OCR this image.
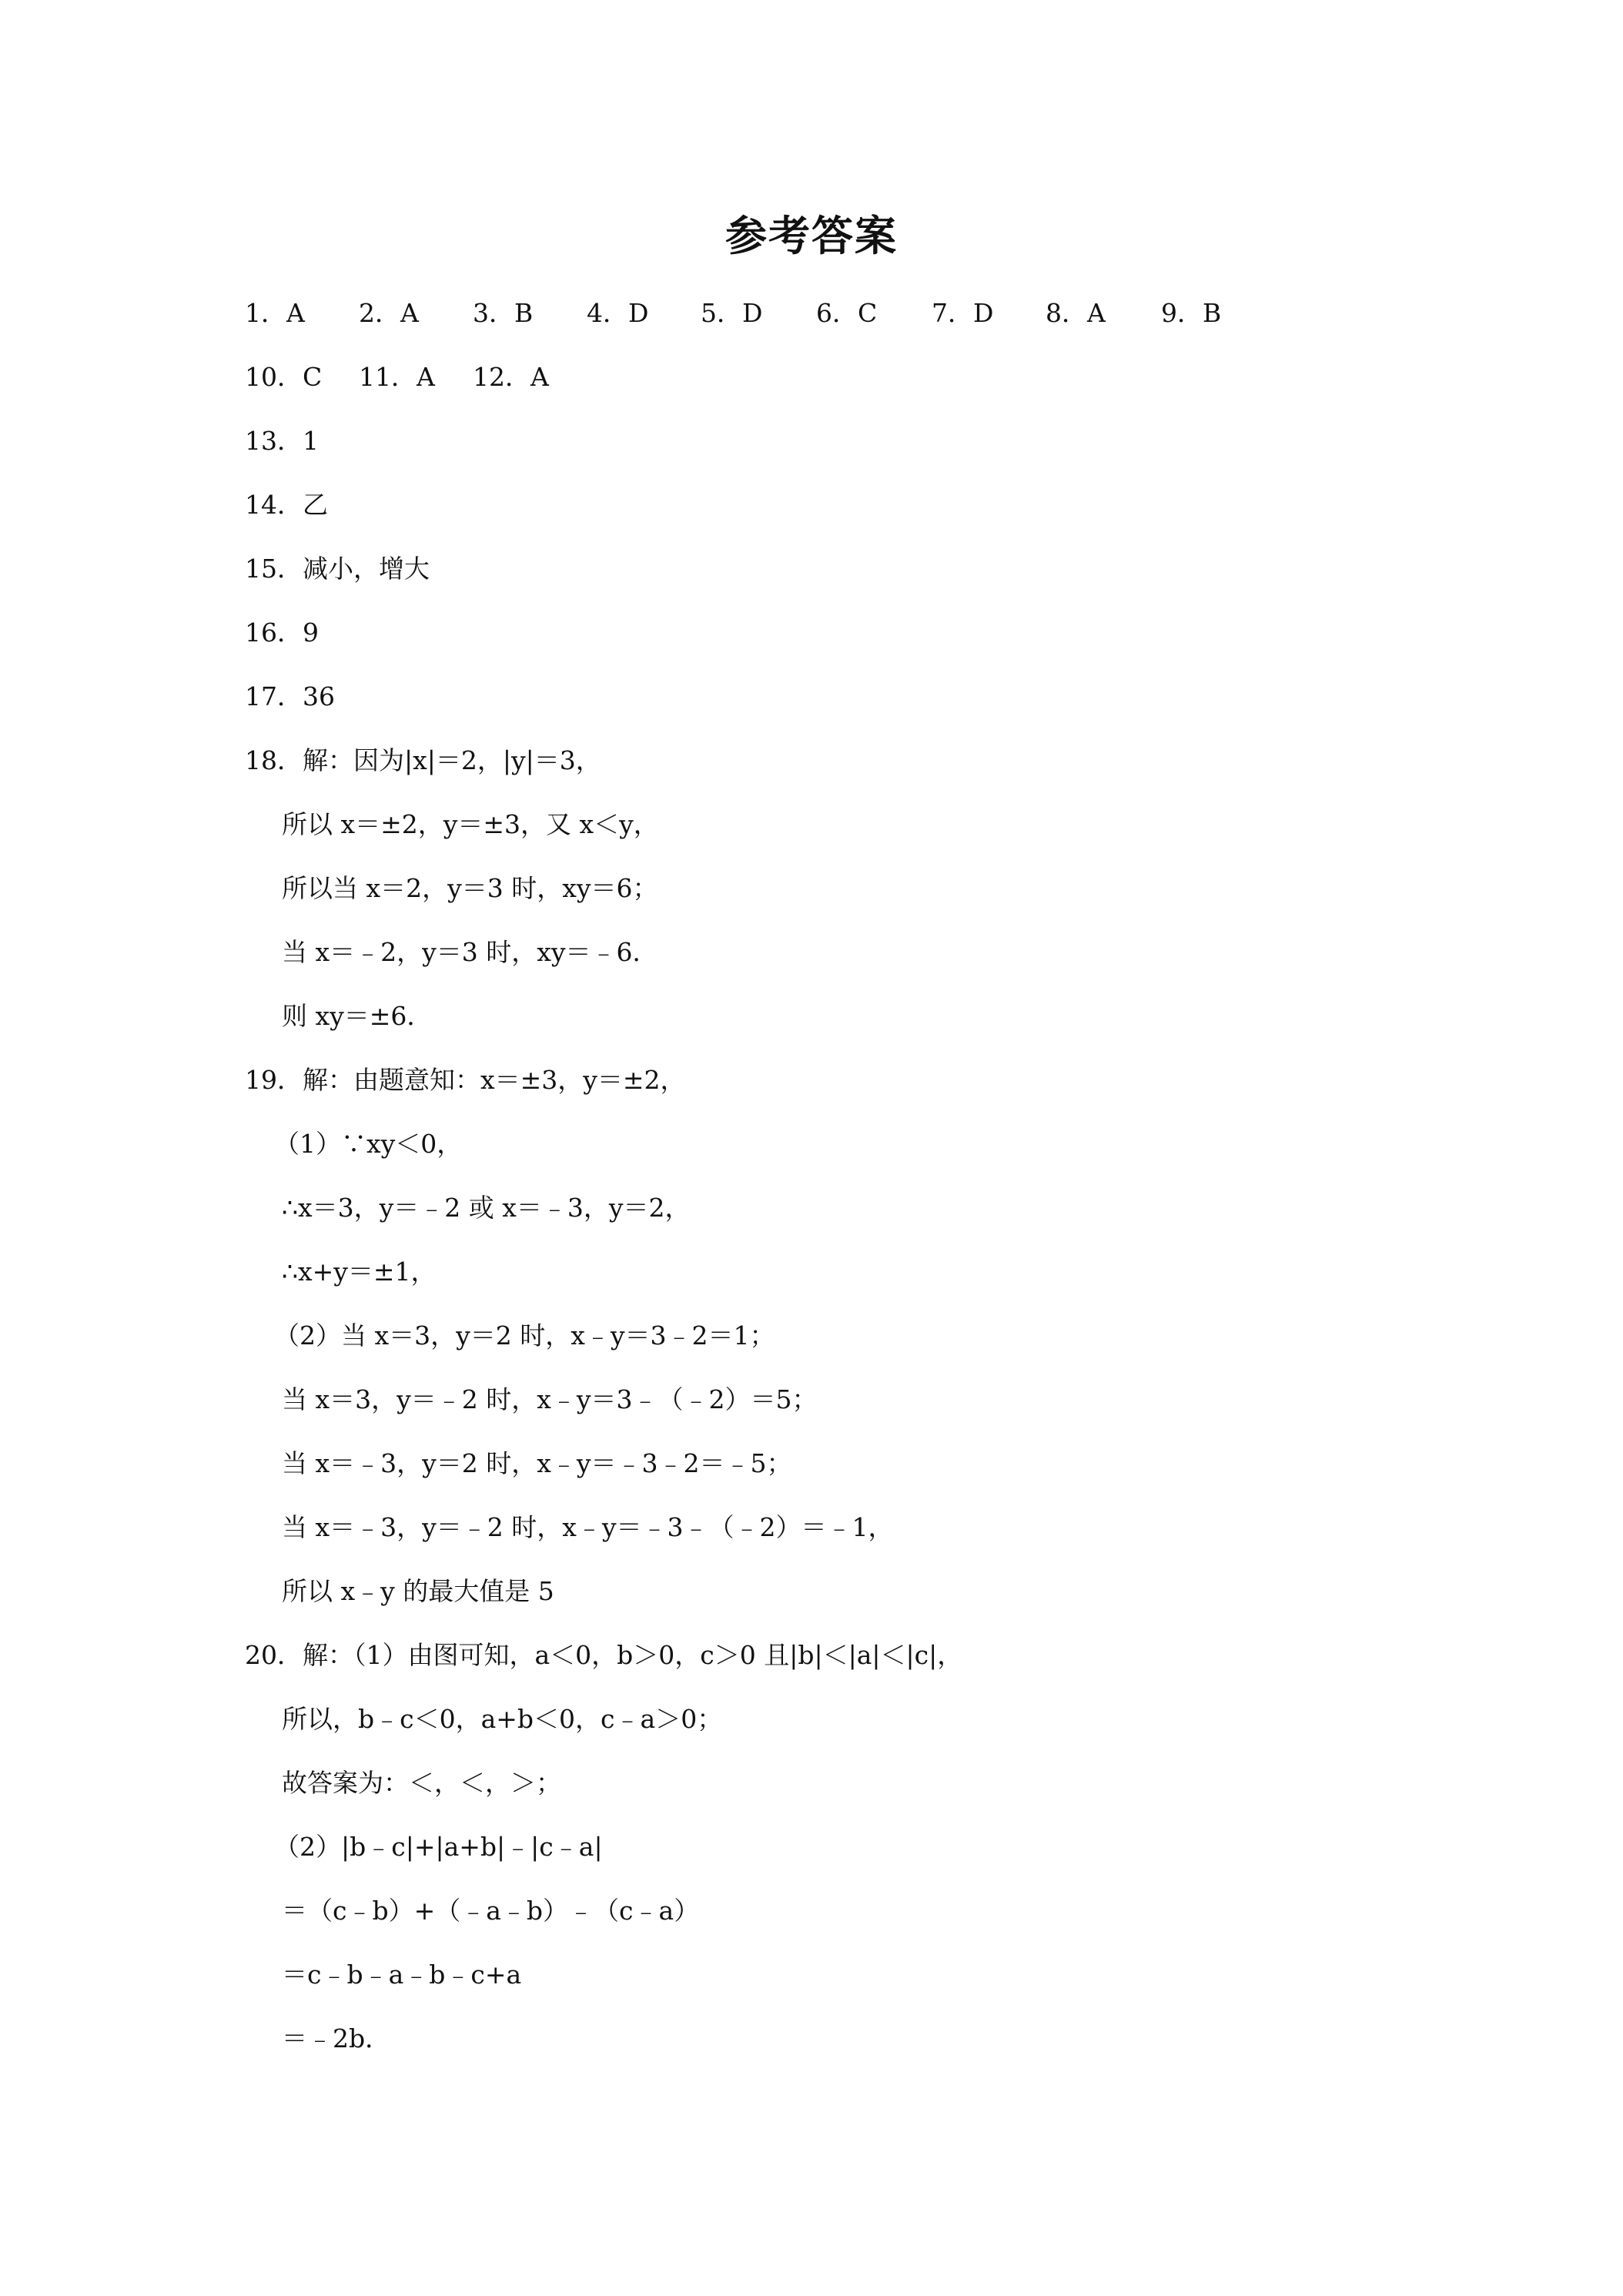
参考答案
1．A 2．A 3．B 4．D 5．D 6．C 7．D 8．A 9．B
10．C 11．A 12．A
13．1
14．乙
15．减小，增大
16．9
17．36
18．解：因为|x|＝2，|y|＝3，
所以 x＝±2，y＝±3，又 x＜y，
所以当 x＝2，y＝3 时，xy＝6；
当 x＝﹣2，y＝3 时，xy＝﹣6．
则 xy＝±6．
19．解：由题意知：x＝±3，y＝±2，
（1）∵xy＜0，
∴x＝3，y＝﹣2 或 x＝﹣3，y＝2，
∴x+y＝±1，
（2）当 x＝3，y＝2 时，x﹣y＝3﹣2＝1；
当 x＝3，y＝﹣2 时，x﹣y＝3﹣（﹣2）＝5；
当 x＝﹣3，y＝2 时，x﹣y＝﹣3﹣2＝﹣5；
当 x＝﹣3，y＝﹣2 时，x﹣y＝﹣3﹣（﹣2）＝﹣1，
所以 x﹣y 的最大值是 5
20．解：（1）由图可知，a＜0，b＞0，c＞0 且|b|＜|a|＜|c|，
所以，b﹣c＜0，a+b＜0，c﹣a＞0；
故答案为：＜，＜，＞；
（2）|b﹣c|+|a+b|﹣|c﹣a|
＝（c﹣b）+（﹣a﹣b）﹣（c﹣a）
＝c﹣b﹣a﹣b﹣c+a
＝﹣2b．
